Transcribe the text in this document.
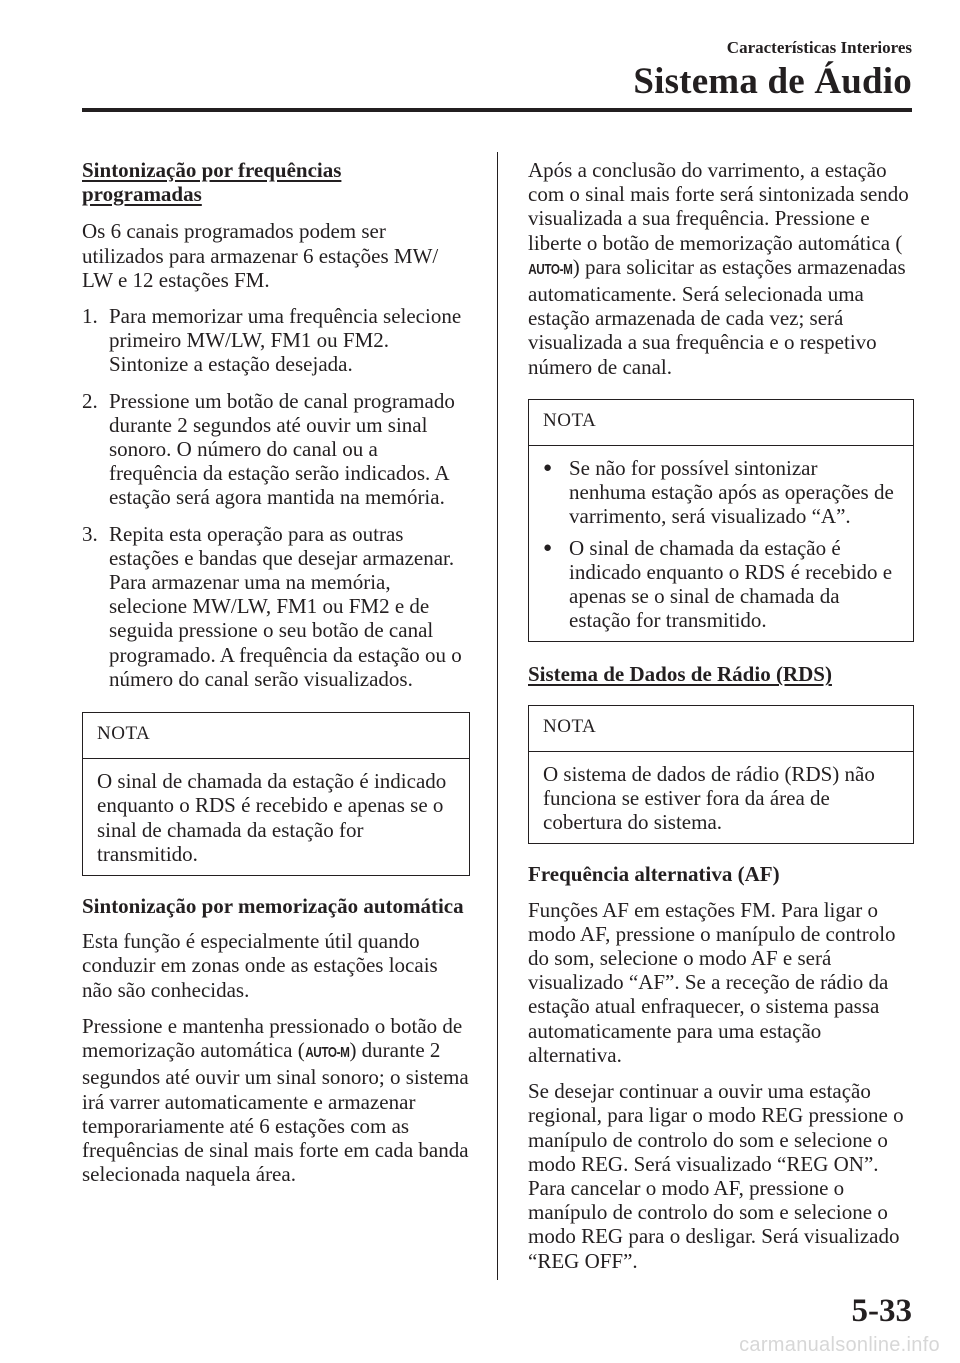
Características Interiores
Sistema de Áudio
Sintonização por frequências
programadas

Os 6 canais programados podem ser utilizados para armazenar 6 estações MW/ LW e 12 estações FM.

1. Para memorizar uma frequência selecione primeiro MW/LW, FM1 ou FM2. Sintonize a estação desejada.
2. Pressione um botão de canal programado durante 2 segundos até ouvir um sinal sonoro. O número do canal ou a frequência da estação serão indicados. A estação será agora mantida na memória.
3. Repita esta operação para as outras estações e bandas que desejar armazenar. Para armazenar uma na memória, selecione MW/LW, FM1 ou FM2 e de seguida pressione o seu botão de canal programado. A frequência da estação ou o número do canal serão visualizados.
NOTA
O sinal de chamada da estação é indicado enquanto o RDS é recebido e apenas se o sinal de chamada da estação for transmitido.
Sintonização por memorização automática

Esta função é especialmente útil quando conduzir em zonas onde as estações locais não são conhecidas.

Pressione e mantenha pressionado o botão de memorização automática (AUTO-M) durante 2 segundos até ouvir um sinal sonoro; o sistema irá varrer automaticamente e armazenar temporariamente até 6 estações com as frequências de sinal mais forte em cada banda selecionada naquela área.

Após a conclusão do varrimento, a estação com o sinal mais forte será sintonizada sendo visualizada a sua frequência. Pressione e liberte o botão de memorização automática (AUTO-M) para solicitar as estações armazenadas automaticamente. Será selecionada uma estação armazenada de cada vez; será visualizada a sua frequência e o respetivo número de canal.

NOTA
● Se não for possível sintonizar nenhuma estação após as operações de varrimento, será visualizado “A”.
● O sinal de chamada da estação é indicado enquanto o RDS é recebido e apenas se o sinal de chamada da estação for transmitido.
Sistema de Dados de Rádio (RDS)
NOTA
O sistema de dados de rádio (RDS) não funciona se estiver fora da área de cobertura do sistema.
Frequência alternativa (AF)

Funções AF em estações FM. Para ligar o modo AF, pressione o manípulo de controlo do som, selecione o modo AF e será visualizado “AF”. Se a receção de rádio da estação atual enfraquecer, o sistema passa automaticamente para uma estação alternativa.

Se desejar continuar a ouvir uma estação regional, para ligar o modo REG pressione o manípulo de controlo do som e selecione o modo REG. Será visualizado “REG ON”. Para cancelar o modo AF, pressione o manípulo de controlo do som e selecione o modo REG para o desligar. Será visualizado “REG OFF”.

5-33
carmanualsonline.info
